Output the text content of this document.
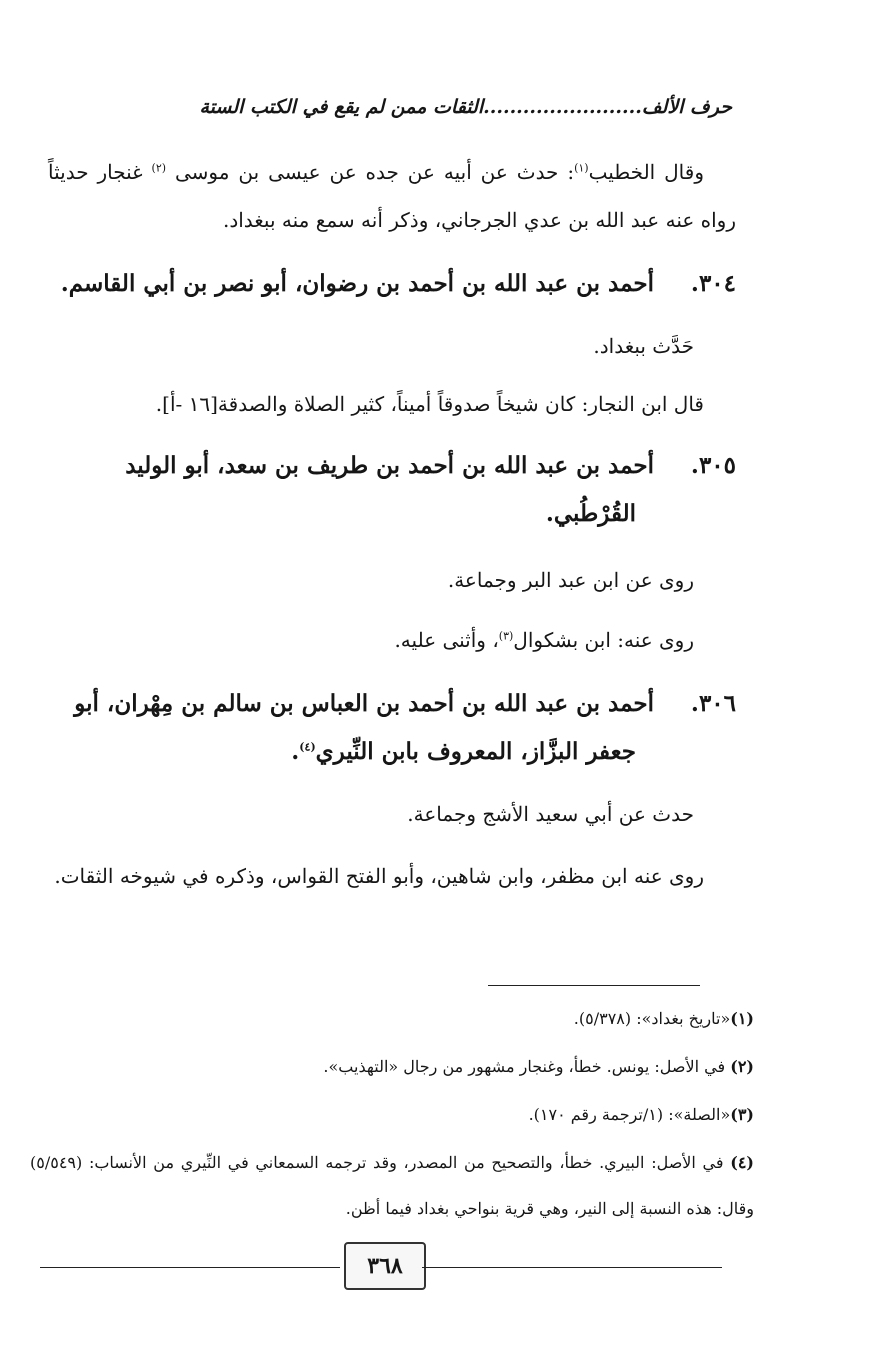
حرف الألف........................الثقات ممن لم يقع في الكتب الستة
وقال الخطيب$^{(١)}$: حدث عن أبيه عن جده عن عيسى بن موسى $^{(٢)}$ غنجار حديثاً رواه عنه عبد الله بن عدي الجرجاني، وذكر أنه سمع منه ببغداد.
٣٠٤.أحمد بن عبد الله بن أحمد بن رضوان، أبو نصر بن أبي القاسم.
حَدَّث ببغداد.
قال ابن النجار: كان شيخاً صدوقاً أميناً، كثير الصلاة والصدقة[١٦ -أ].
٣٠٥.أحمد بن عبد الله بن أحمد بن طريف بن سعد، أبو الوليد
القُرْطُبي.
روى عن ابن عبد البر وجماعة.
روى عنه: ابن بشكوال$^{(٣)}$، وأثنى عليه.
٣٠٦.أحمد بن عبد الله بن أحمد بن العباس بن سالم بن مِهْران، أبو
جعفر البزَّاز، المعروف بابن النِّيري$^{(٤)}$.
حدث عن أبي سعيد الأشج وجماعة.
روى عنه ابن مظفر، وابن شاهين، وأبو الفتح القواس، وذكره في شيوخه الثقات.
(١)«تاريخ بغداد»: (٥/٣٧٨).
(٢) في الأصل: يونس. خطأ، وغنجار مشهور من رجال «التهذيب».
(٣)«الصلة»: (١/ترجمة رقم ١٧٠).
(٤) في الأصل: البيري. خطأ، والتصحيح من المصدر، وقد ترجمه السمعاني في النِّيري من الأنساب: (٥/٥٤٩) وقال: هذه النسبة إلى النير، وهي قرية بنواحي بغداد فيما أظن.
٣٦٨
